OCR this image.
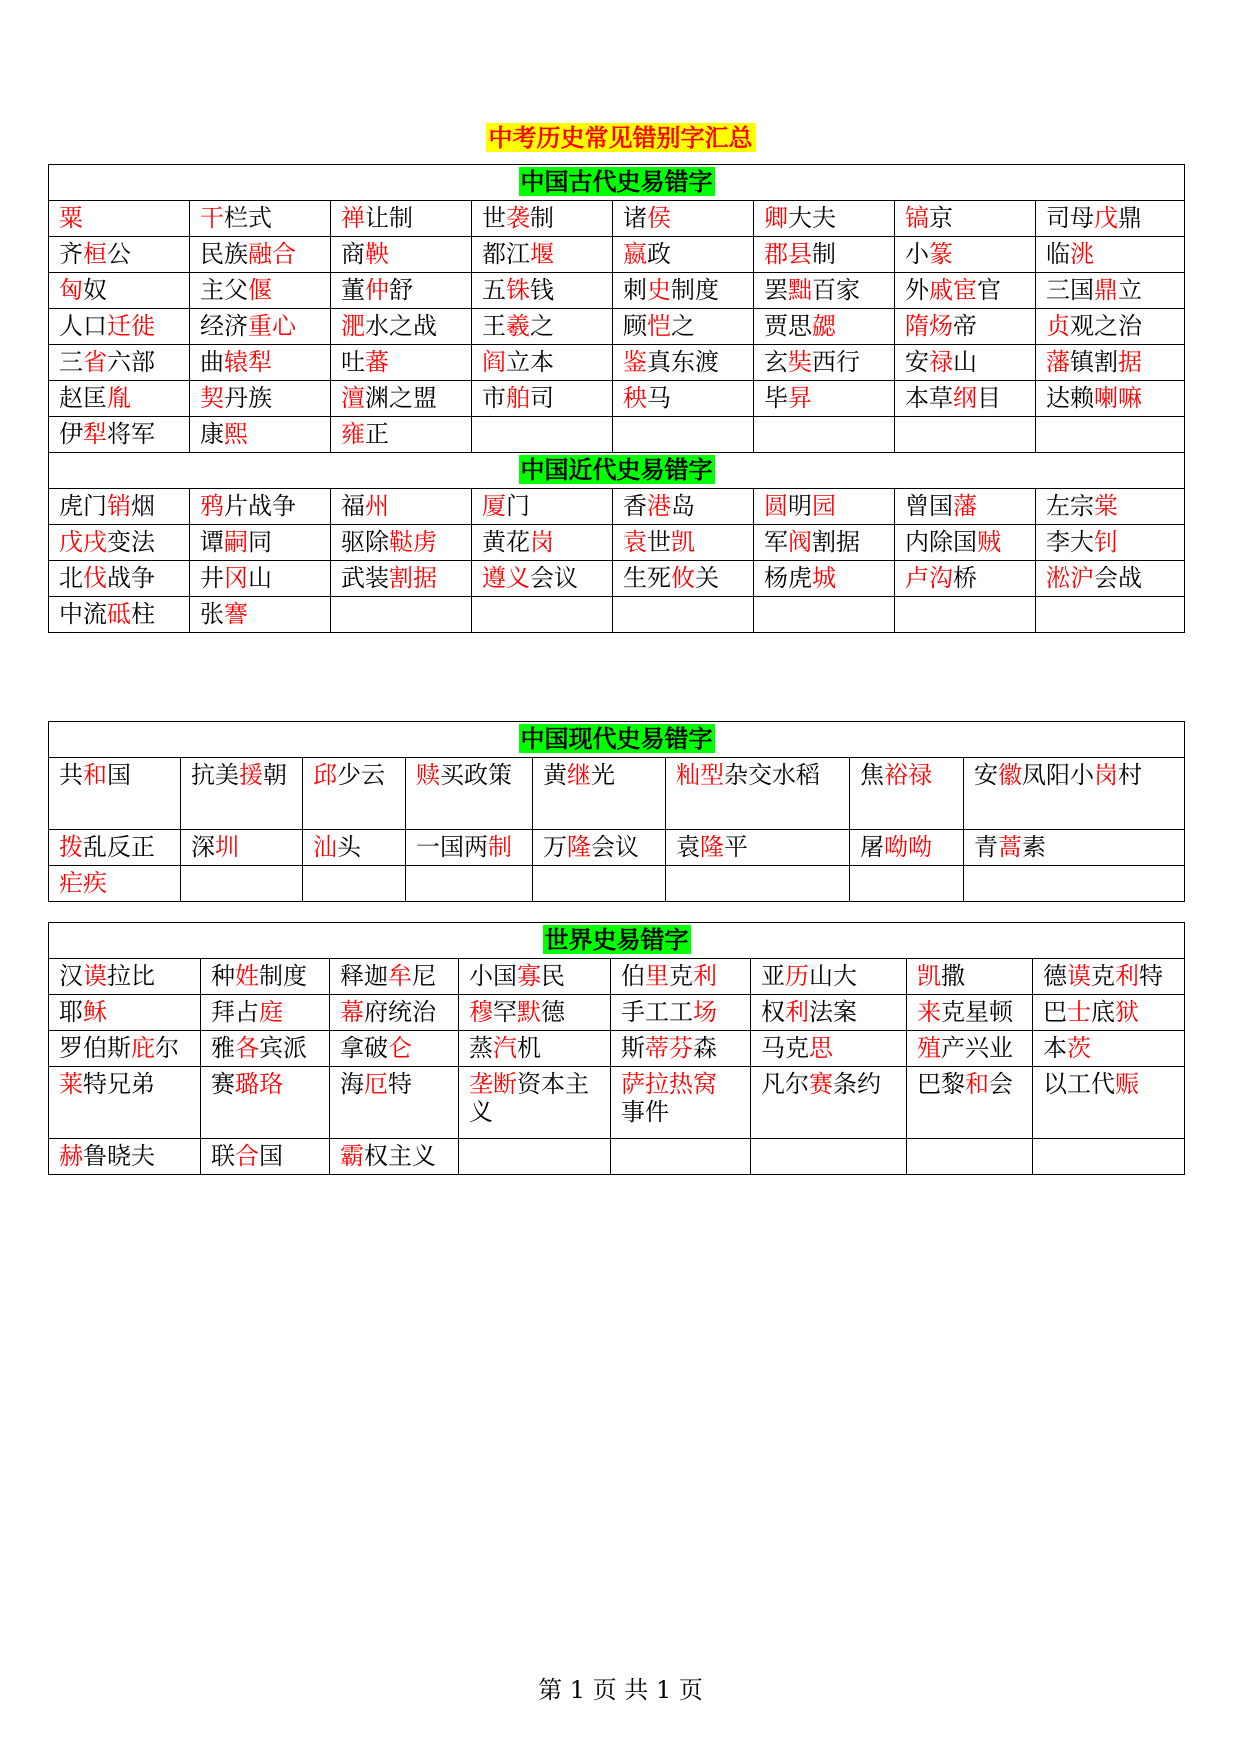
中考历史常见错别字汇总
中国古代史易错字							
粟	干栏式	禅让制	世袭制	诸侯	卿大夫	镐京	司母戊鼎
齐桓公	民族融合	商鞅	都江堰	嬴政	郡县制	小篆	临洮
匈奴	主父偃	董仲舒	五铢钱	刺史制度	罢黜百家	外戚宦官	三国鼎立
人口迁徙	经济重心	淝水之战	王羲之	顾恺之	贾思勰	隋炀帝	贞观之治
三省六部	曲辕犁	吐蕃	阎立本	鉴真东渡	玄奘西行	安禄山	藩镇割据
赵匡胤	契丹族	澶渊之盟	市舶司	秧马	毕昇	本草纲目	达赖喇嘛
伊犁将军	康熙	雍正					
中国近代史易错字							
虎门销烟	鸦片战争	福州	厦门	香港岛	圆明园	曾国藩	左宗棠
戊戌变法	谭嗣同	驱除鞑虏	黄花岗	袁世凯	军阀割据	内除国贼	李大钊
北伐战争	井冈山	武装割据	遵义会议	生死攸关	杨虎城	卢沟桥	淞沪会战
中流砥柱	张謇						
中国现代史易错字							
共和国	抗美援朝	邱少云	赎买政策	黄继光	籼型杂交水稻	焦裕禄	安徽凤阳小岗村
拨乱反正	深圳	汕头	一国两制	万隆会议	袁隆平	屠呦呦	青蒿素
疟疾							
世界史易错字							
汉谟拉比	种姓制度	释迦牟尼	小国寡民	伯里克利	亚历山大	凯撒	德谟克利特
耶稣	拜占庭	幕府统治	穆罕默德	手工工场	权利法案	来克星顿	巴士底狱
罗伯斯庇尔	雅各宾派	拿破仑	蒸汽机	斯蒂芬森	马克思	殖产兴业	本茨
莱特兄弟	赛璐珞	海厄特	垄断资本主义	萨拉热窝事件	凡尔赛条约	巴黎和会	以工代赈
赫鲁晓夫	联合国	霸权主义					
第 1 页 共 1 页
